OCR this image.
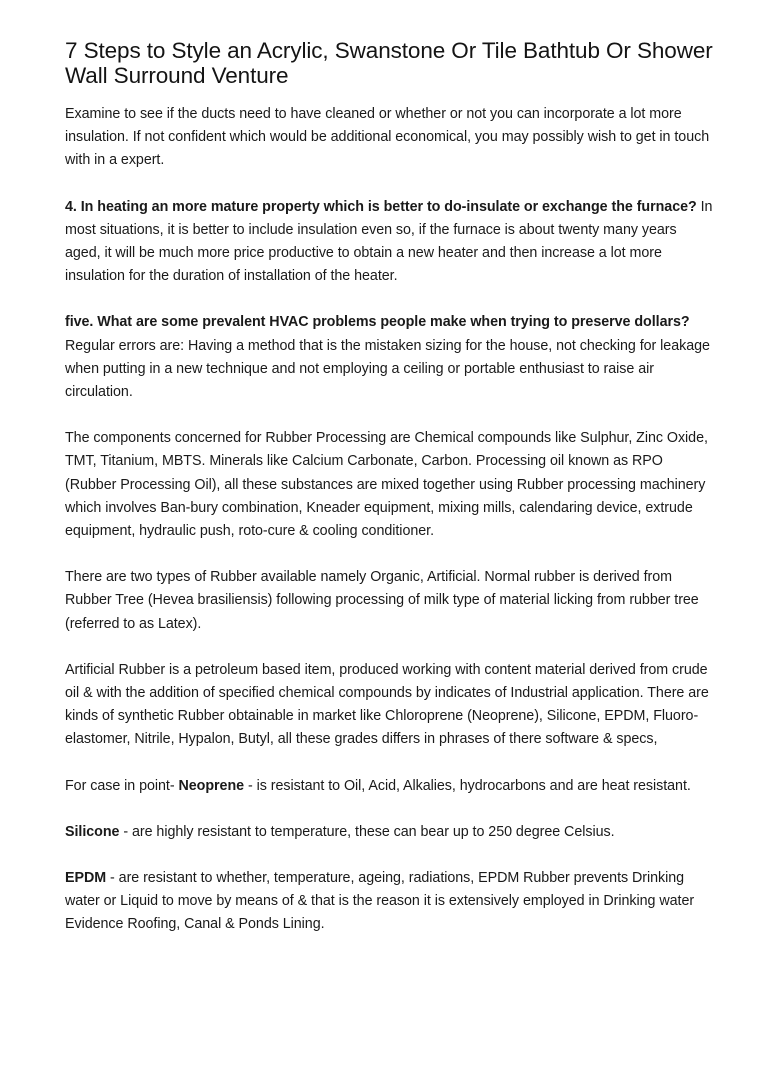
7 Steps to Style an Acrylic, Swanstone Or Tile Bathtub Or Shower Wall Surround Venture

Examine to see if the ducts need to have cleaned or whether or not you can incorporate a lot more insulation. If not confident which would be additional economical, you may possibly wish to get in touch with in a expert.

4. In heating an more mature property which is better to do-insulate or exchange the furnace? In most situations, it is better to include insulation even so, if the furnace is about twenty many years aged, it will be much more price productive to obtain a new heater and then increase a lot more insulation for the duration of installation of the heater.

five. What are some prevalent HVAC problems people make when trying to preserve dollars? Regular errors are: Having a method that is the mistaken sizing for the house, not checking for leakage when putting in a new technique and not employing a ceiling or portable enthusiast to raise air circulation.

The components concerned for Rubber Processing are Chemical compounds like Sulphur, Zinc Oxide, TMT, Titanium, MBTS. Minerals like Calcium Carbonate, Carbon. Processing oil known as RPO (Rubber Processing Oil), all these substances are mixed together using Rubber processing machinery which involves Ban-bury combination, Kneader equipment, mixing mills, calendaring device, extrude equipment, hydraulic push, roto-cure & cooling conditioner.

There are two types of Rubber available namely Organic, Artificial. Normal rubber is derived from Rubber Tree (Hevea brasiliensis) following processing of milk type of material licking from rubber tree (referred to as Latex).

Artificial Rubber is a petroleum based item, produced working with content material derived from crude oil & with the addition of specified chemical compounds by indicates of Industrial application. There are kinds of synthetic Rubber obtainable in market like Chloroprene (Neoprene), Silicone, EPDM, Fluoro-elastomer, Nitrile, Hypalon, Butyl, all these grades differs in phrases of there software & specs,

For case in point- Neoprene - is resistant to Oil, Acid, Alkalies, hydrocarbons and are heat resistant.

Silicone - are highly resistant to temperature, these can bear up to 250 degree Celsius.

EPDM - are resistant to whether, temperature, ageing, radiations, EPDM Rubber prevents Drinking water or Liquid to move by means of & that is the reason it is extensively employed in Drinking water Evidence Roofing, Canal & Ponds Lining.
